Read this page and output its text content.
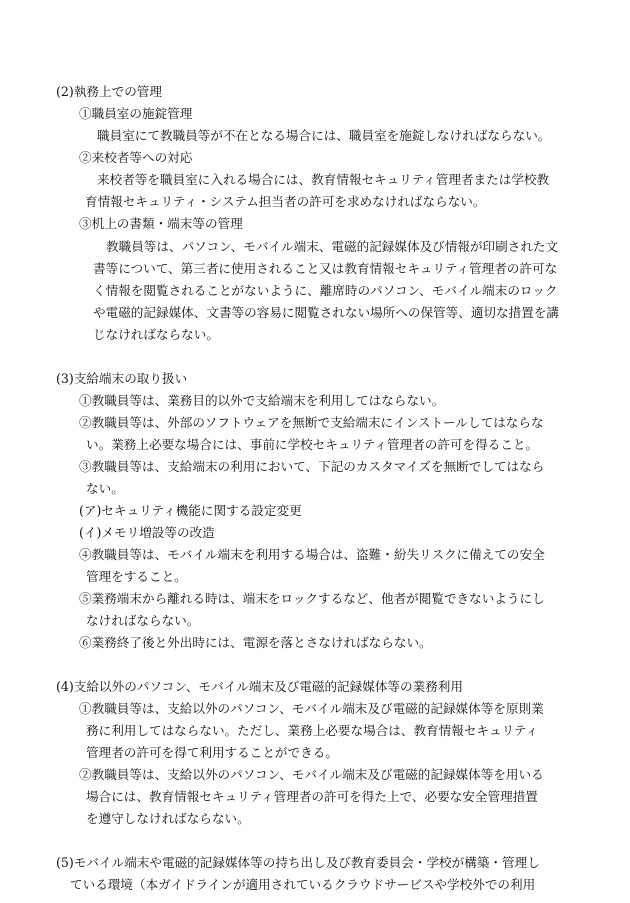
(2)執務上での管理

①職員室の施錠管理

職員室にて教職員等が不在となる場合には、職員室を施錠しなければならない。

②来校者等への対応

来校者等を職員室に入れる場合には、教育情報セキュリティ管理者または学校教

育情報セキュリティ・システム担当者の許可を求めなければならない。

③机上の書類・端末等の管理

教職員等は、パソコン、モバイル端末、電磁的記録媒体及び情報が印刷された文

書等について、第三者に使用されること又は教育情報セキュリティ管理者の許可な

く情報を閲覧されることがないように、離席時のパソコン、モバイル端末のロック

や電磁的記録媒体、文書等の容易に閲覧されない場所への保管等、適切な措置を講

じなければならない。

(3)支給端末の取り扱い

①教職員等は、業務目的以外で支給端末を利用してはならない。

②教職員等は、外部のソフトウェアを無断で支給端末にインストールしてはならな

い。業務上必要な場合には、事前に学校セキュリティ管理者の許可を得ること。

③教職員等は、支給端末の利用において、下記のカスタマイズを無断でしてはなら

ない。

(ア)セキュリティ機能に関する設定変更

(イ)メモリ増設等の改造

④教職員等は、モバイル端末を利用する場合は、盗難・紛失リスクに備えての安全

管理をすること。

⑤業務端末から離れる時は、端末をロックするなど、他者が閲覧できないようにし

なければならない。

⑥業務終了後と外出時には、電源を落とさなければならない。

(4)支給以外のパソコン、モバイル端末及び電磁的記録媒体等の業務利用

①教職員等は、支給以外のパソコン、モバイル端末及び電磁的記録媒体等を原則業

務に利用してはならない。ただし、業務上必要な場合は、教育情報セキュリティ

管理者の許可を得て利用することができる。

②教職員等は、支給以外のパソコン、モバイル端末及び電磁的記録媒体等を用いる

場合には、教育情報セキュリティ管理者の許可を得た上で、必要な安全管理措置

を遵守しなければならない。

(5)モバイル端末や電磁的記録媒体等の持ち出し及び教育委員会・学校が構築・管理し

ている環境（本ガイドラインが適用されているクラウドサービスや学校外での利用
